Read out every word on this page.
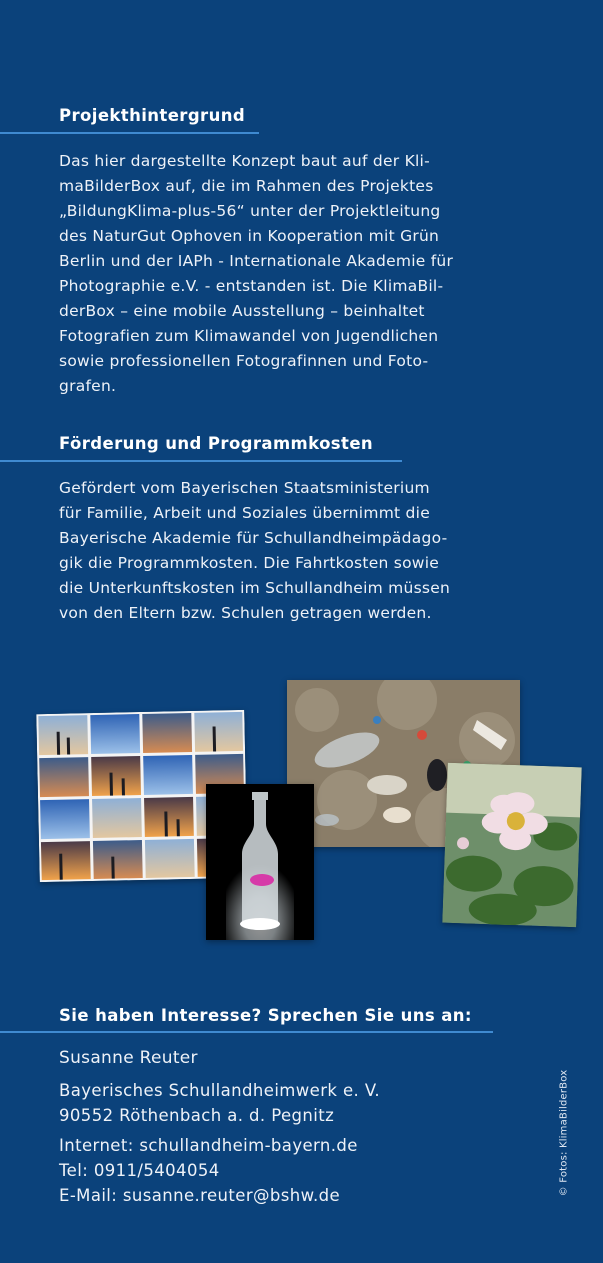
Projekthintergrund

Das hier dargestellte Konzept baut auf der Kli-
maBilderBox auf, die im Rahmen des Projektes
„BildungKlima-plus-56“ unter der Projektleitung
des NaturGut Ophoven in Kooperation mit Grün
Berlin und der IAPh - Internationale Akademie für
Photographie e.V. - entstanden ist. Die KlimaBil-
derBox – eine mobile Ausstellung – beinhaltet
Fotografien zum Klimawandel von Jugendlichen
sowie professionellen Fotografinnen und Foto-
grafen.

Förderung und Programmkosten

Gefördert vom Bayerischen Staatsministerium
für Familie, Arbeit und Soziales übernimmt die
Bayerische Akademie für Schullandheimpädago-
gik die Programmkosten. Die Fahrtkosten sowie
die Unterkunftskosten im Schullandheim müssen
von den Eltern bzw. Schulen getragen werden.

Sie haben Interesse? Sprechen Sie uns an:

Susanne Reuter

Bayerisches Schullandheimwerk e. V.
90552 Röthenbach a. d. Pegnitz

Internet: schullandheim-bayern.de
Tel: 0911/5404054
E-Mail: susanne.reuter@bshw.de	© Fotos: KlimaBilderBox
